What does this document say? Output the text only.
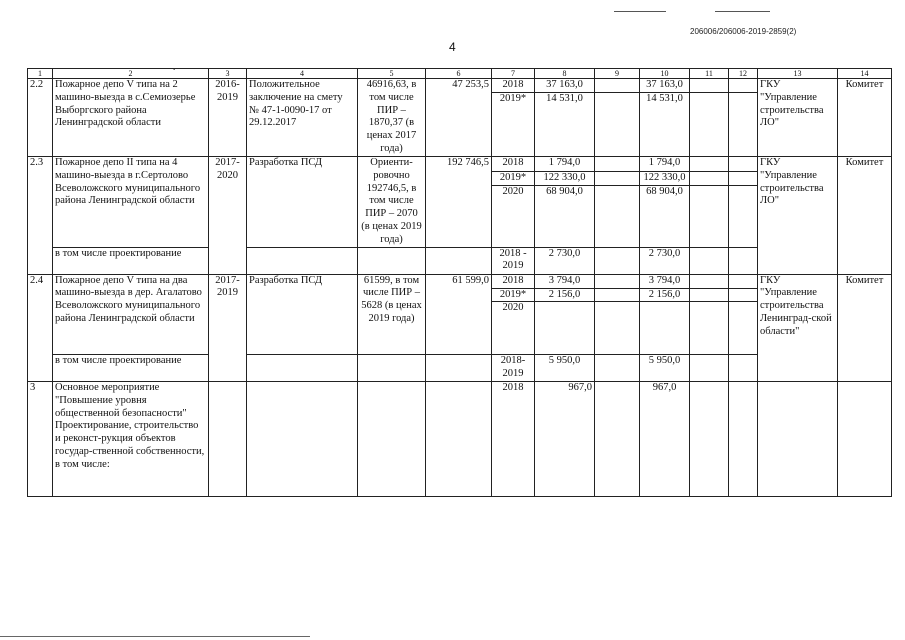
206006/206006-2019-2859(2)
4
.
1	2	3	4	5	6	7	8	9	10	11	12	13	14
2.2	Пожарное депо V типа на 2 машино-выезда в с.Семиозерье Выборгского района Ленинградской области	2016-2019	Положительное заключение на смету № 47-1-0090-17 от 29.12.2017	46916,63, в том числе ПИР – 1870,37 (в ценах 2017 года)	47 253,5	2018	37 163,0		37 163,0			ГКУ "Управление строительства ЛО"	Комитет
						2019*	14 531,0		14 531,0				
2.3	Пожарное депо II типа на 4 машино-выезда в г.Сертолово Всеволожского муниципального района Ленинградской области	2017-2020	Разработка ПСД	Ориенти-ровочно 192746,5, в том числе ПИР – 2070 (в ценах 2019 года)	192 746,5	2018	1 794,0		1 794,0			ГКУ "Управление строительства ЛО"	Комитет
						2019*	122 330,0		122 330,0				
						2020	68 904,0		68 904,0				
	в том числе проектирование					2018 - 2019	2 730,0		2 730,0				
2.4	Пожарное депо V типа на два машино-выезда в дер. Агалатово Всеволожского муниципального района Ленинградской области	2017-2019	Разработка ПСД	61599, в том числе ПИР – 5628 (в ценах 2019 года)	61 599,0	2018	3 794,0		3 794,0			ГКУ "Управление строительства Ленинград-ской области"	Комитет
						2019*	2 156,0		2 156,0				
						2020							
	в том числе проектирование					2018-2019	5 950,0		5 950,0				
3	Основное мероприятие "Повышение уровня общественной безопасности" Проектирование, строительство и реконст-рукция объектов государ-ственной собственности, в том числе:					2018	967,0		967,0				
